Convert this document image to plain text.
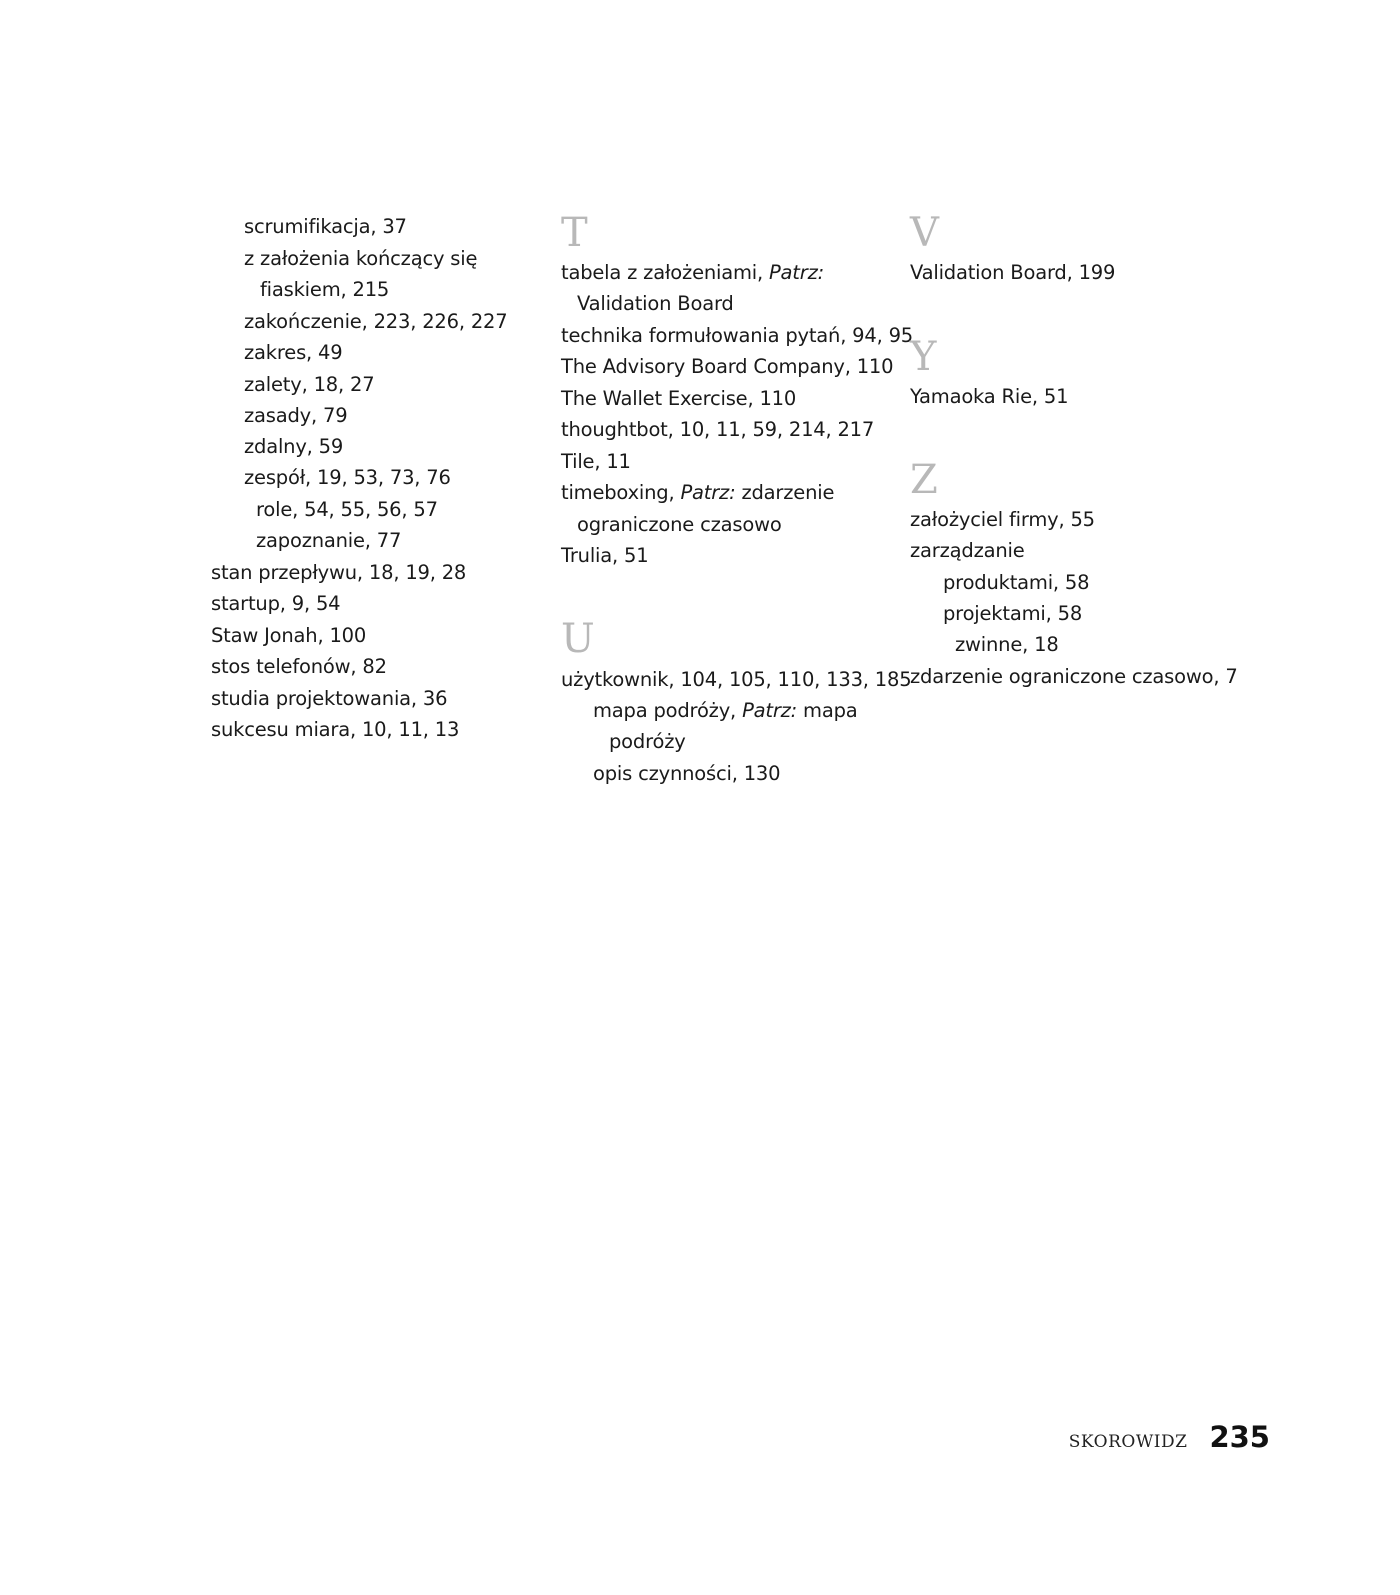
scrumifikacja, 37
z założenia kończący się
fiaskiem, 215
zakończenie, 223, 226, 227
zakres, 49
zalety, 18, 27
zasady, 79
zdalny, 59
zespół, 19, 53, 73, 76
role, 54, 55, 56, 57
zapoznanie, 77
stan przepływu, 18, 19, 28
startup, 9, 54
Staw Jonah, 100
stos telefonów, 82
studia projektowania, 36
sukcesu miara, 10, 11, 13
T
tabela z założeniami, Patrz:
Validation Board
technika formułowania pytań, 94, 95
The Advisory Board Company, 110
The Wallet Exercise, 110
thoughtbot, 10, 11, 59, 214, 217
Tile, 11
timeboxing, Patrz: zdarzenie
ograniczone czasowo
Trulia, 51
U
użytkownik, 104, 105, 110, 133, 185
mapa podróży, Patrz: mapa
podróży
opis czynności, 130
V
Validation Board, 199
Y
Yamaoka Rie, 51
Z
założyciel firmy, 55
zarządzanie
produktami, 58
projektami, 58
zwinne, 18
zdarzenie ograniczone czasowo, 7
SKOROWIDZ 235
